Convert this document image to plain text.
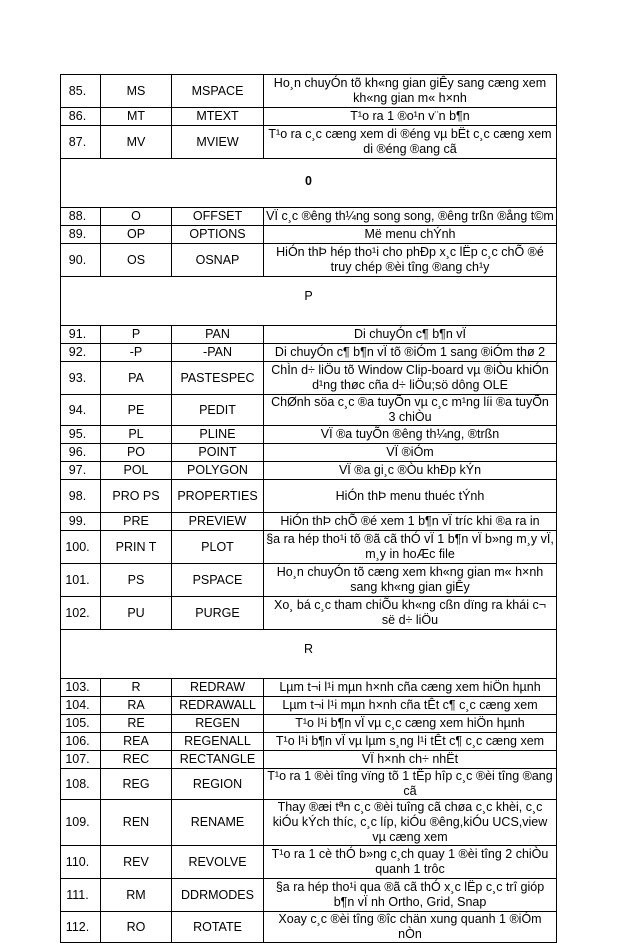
85.	MS	MSPACE	Ho¸n chuyÓn tõ kh«ng gian giÊy sang cæng xem kh«ng gian m« h×nh
86.	MT	MTEXT	T¹o ra 1 ®o¹n v¨n b¶n
87.	MV	MVIEW	T¹o ra c¸c cæng xem di ®éng vµ bËt c¸c cæng xem di ®éng ®ang cã

0			

88.	O	OFFSET	VÏ c¸c ®êng th¼ng song song, ®êng trßn ®ång t©m
89.	OP	OPTIONS	Më menu chÝnh
90.	OS	OSNAP	HiÓn thÞ hép tho¹i cho phÐp x¸c lËp c¸c chÕ ®é truy chép ®èi tîng ®ang ch¹y

P			

91.	P	PAN	Di chuyÓn c¶ b¶n vÏ
92.	-P	-PAN	Di chuyÓn c¶ b¶n vÏ tõ ®iÓm 1 sang ®iÓm thø 2
93.	PA	PASTESPEC	ChÌn d÷ liÖu tõ Window Clip-board vµ ®iÒu khiÓn d¹ng thøc cña d÷ liÖu;sö dông OLE
94.	PE	PEDIT	ChØnh söa c¸c ®a tuyÕn vµ c¸c m¹ng líi ®a tuyÕn 3 chiÒu
95.	PL	PLINE	VÏ ®a tuyÕn ®êng th¼ng, ®trßn
96.	PO	POINT	VÏ ®iÓm
97.	POL	POLYGON	VÏ ®a gi¸c ®Òu khÐp kÝn
98.	PRO PS	PROPERTIES	HiÓn thÞ menu thuéc tÝnh
99.	PRE	PREVIEW	HiÓn thÞ chÕ ®é xem 1 b¶n vÏ tríc khi ®a ra in
100.	PRIN T	PLOT	§a ra hép tho¹i tõ ®ã cã thÓ vÏ 1 b¶n vÏ b»ng m¸y vÏ, m¸y in hoÆc file
101.	PS	PSPACE	Ho¸n chuyÓn tõ cæng xem kh«ng gian m« h×nh sang kh«ng gian giÊy
102.	PU	PURGE	Xo¸ bá c¸c tham chiÕu kh«ng cßn dïng ra khái c¬ së d÷ liÖu

R			

103.	R	REDRAW	Lµm t¬i l¹i mµn h×nh cña cæng xem hiÖn hµnh
104.	RA	REDRAWALL	Lµm t¬i l¹i mµn h×nh cña tÊt c¶ c¸c cæng xem
105.	RE	REGEN	T¹o l¹i b¶n vÏ vµ c¸c cæng xem hiÖn hµnh
106.	REA	REGENALL	T¹o l¹i b¶n vÏ vµ lµm s¸ng l¹i tÊt c¶ c¸c cæng xem
107.	REC	RECTANGLE	VÏ h×nh ch÷ nhËt
108.	REG	REGION	T¹o ra 1 ®èi tîng vïng tõ 1 tËp hîp c¸c ®èi tîng ®ang cã
109.	REN	RENAME	Thay ®æi tªn c¸c ®èi tuîng cã chøa c¸c khèi, c¸c kiÓu kÝch thíc, c¸c líp, kiÓu ®êng,kiÓu UCS,view vµ cæng xem
110.	REV	REVOLVE	T¹o ra 1 cè thÓ b»ng c¸ch quay 1 ®èi tîng 2 chiÒu quanh 1 trôc
111.	RM	DDRMODES	§a ra hép tho¹i qua ®ã cã thÓ x¸c lËp c¸c trî gióp b¶n vÏ nh Ortho, Grid, Snap
112.	RO	ROTATE	Xoay c¸c ®èi tîng ®îc chän xung quanh 1 ®iÓm nÒn
